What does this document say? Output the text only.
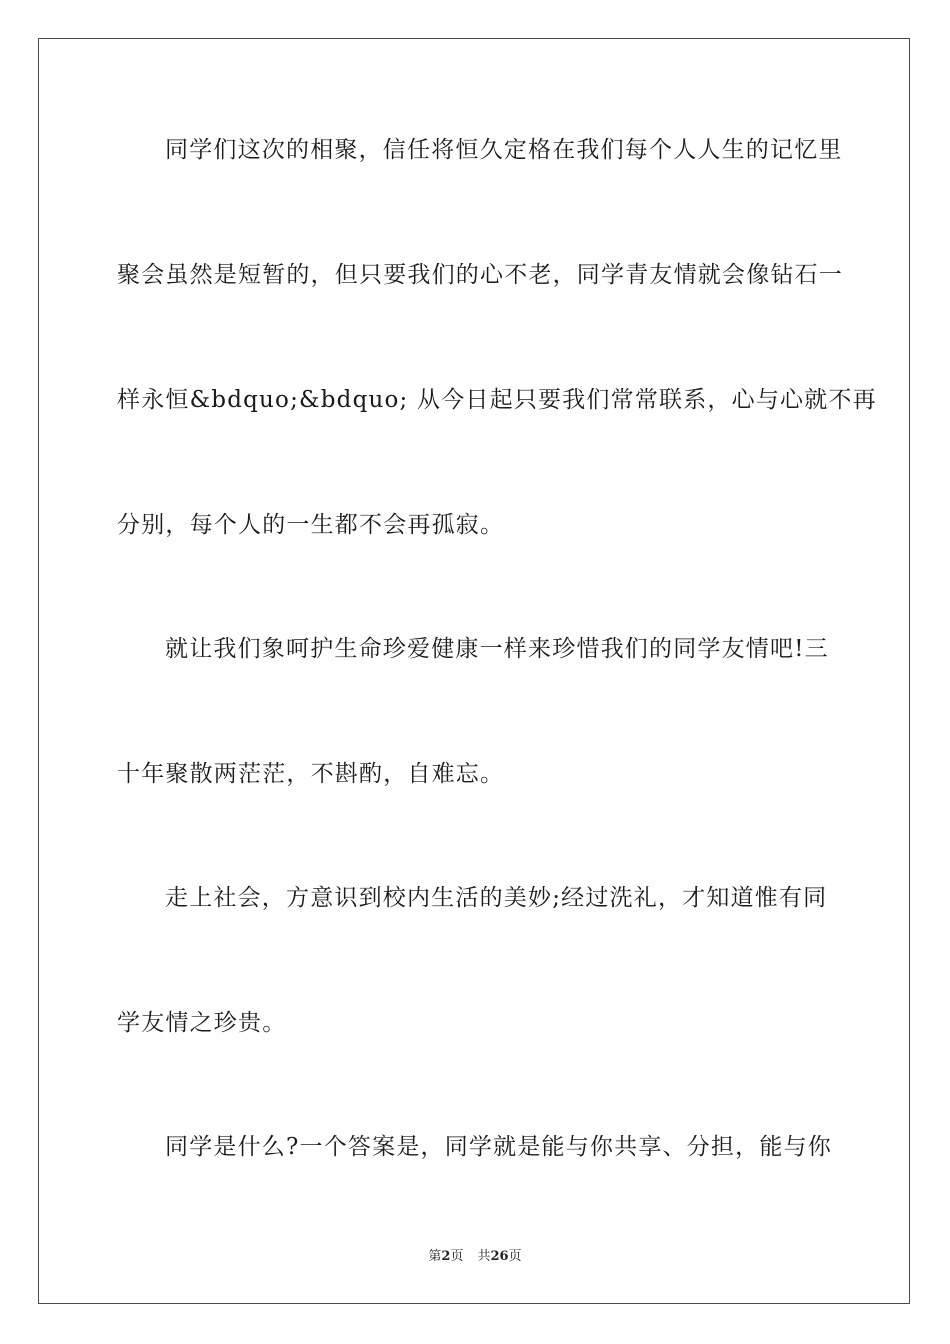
同学们这次的相聚，信任将恒久定格在我们每个人人生的记忆里
聚会虽然是短暂的，但只要我们的心不老，同学青友情就会像钻石一
样永恒&bdquo;&bdquo; 从今日起只要我们常常联系，心与心就不再
分别，每个人的一生都不会再孤寂。
就让我们象呵护生命珍爱健康一样来珍惜我们的同学友情吧!三
十年聚散两茫茫，不斟酌，自难忘。
走上社会，方意识到校内生活的美妙;经过洗礼，才知道惟有同
学友情之珍贵。
同学是什么?一个答案是，同学就是能与你共享、分担，能与你
第2页 共26页
